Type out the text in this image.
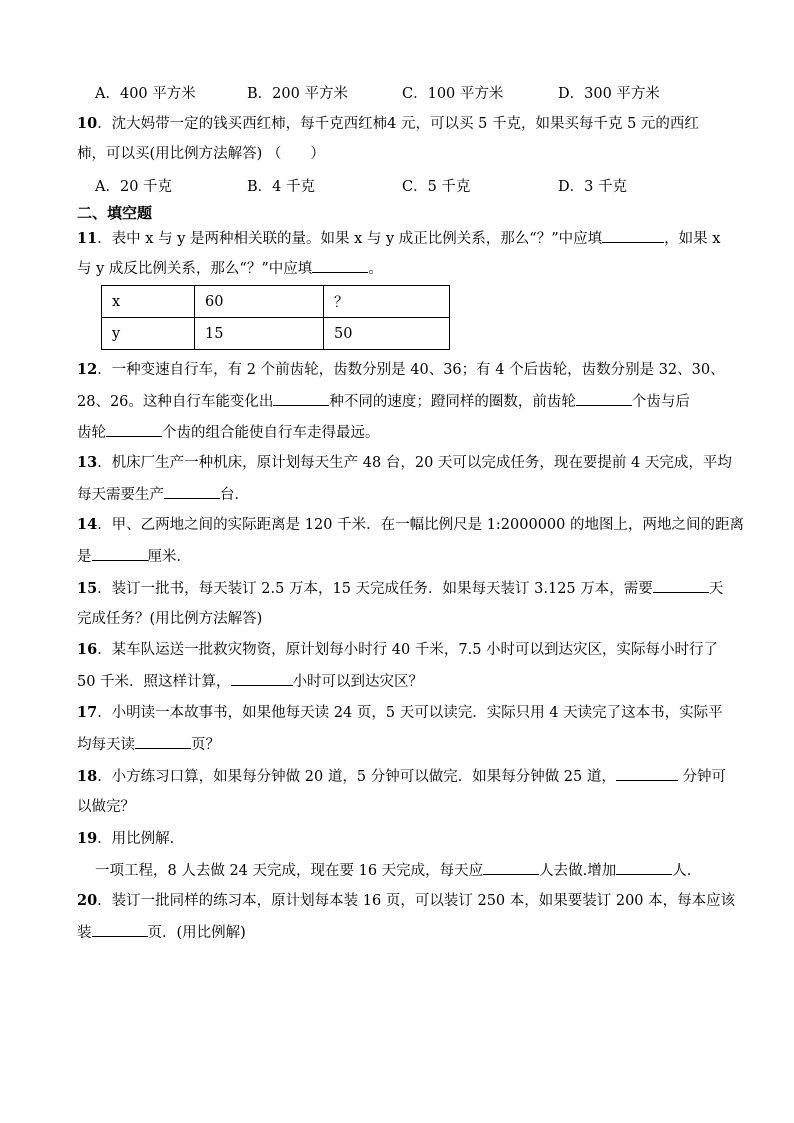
A．400 平方米	B．200 平方米	C．100 平方米	D．300 平方米
10．沈大妈带一定的钱买西红柿，每千克西红柿4 元，可以买 5 千克，如果买每千克 5 元的西红
柿，可以买(用比例方法解答) （　　）
A．20 千克	B．4 千克	C．5 千克	D．3 千克
二、填空题
11．表中 x 与 y 是两种相关联的量。如果 x 与 y 成正比例关系，那么“？”中应填	，如果 x
与 y 成反比例关系，那么“？”中应填	。
x	60	？
y	15	50
12．一种变速自行车，有 2 个前齿轮，齿数分别是 40、36；有 4 个后齿轮，齿数分别是 32、30、
28、26。这种自行车能变化出	种不同的速度；蹬同样的圈数，前齿轮	个齿与后
齿轮	个齿的组合能使自行车走得最远。
13．机床厂生产一种机床，原计划每天生产 48 台，20 天可以完成任务，现在要提前 4 天完成，平均
每天需要生产	台．
14．甲、乙两地之间的实际距离是 120 千米．在一幅比例尺是 1:2000000 的地图上，两地之间的距离
是	厘米．
15．装订一批书，每天装订 2.5 万本，15 天完成任务．如果每天装订 3.125 万本，需要	天
完成任务？(用比例方法解答)
16．某车队运送一批救灾物资，原计划每小时行 40 千米，7.5 小时可以到达灾区，实际每小时行了
50 千米．照这样计算，	小时可以到达灾区？
17．小明读一本故事书，如果他每天读 24 页，5 天可以读完．实际只用 4 天读完了这本书，实际平
均每天读	页？
18．小方练习口算，如果每分钟做 20 道，5 分钟可以做完．如果每分钟做 25 道，	分钟可
以做完？
19．用比例解．
一项工程，8 人去做 24 天完成，现在要 16 天完成，每天应	人去做.增加	人．
20．装订一批同样的练习本，原计划每本装 16 页，可以装订 250 本，如果要装订 200 本，每本应该
装	页．(用比例解)
